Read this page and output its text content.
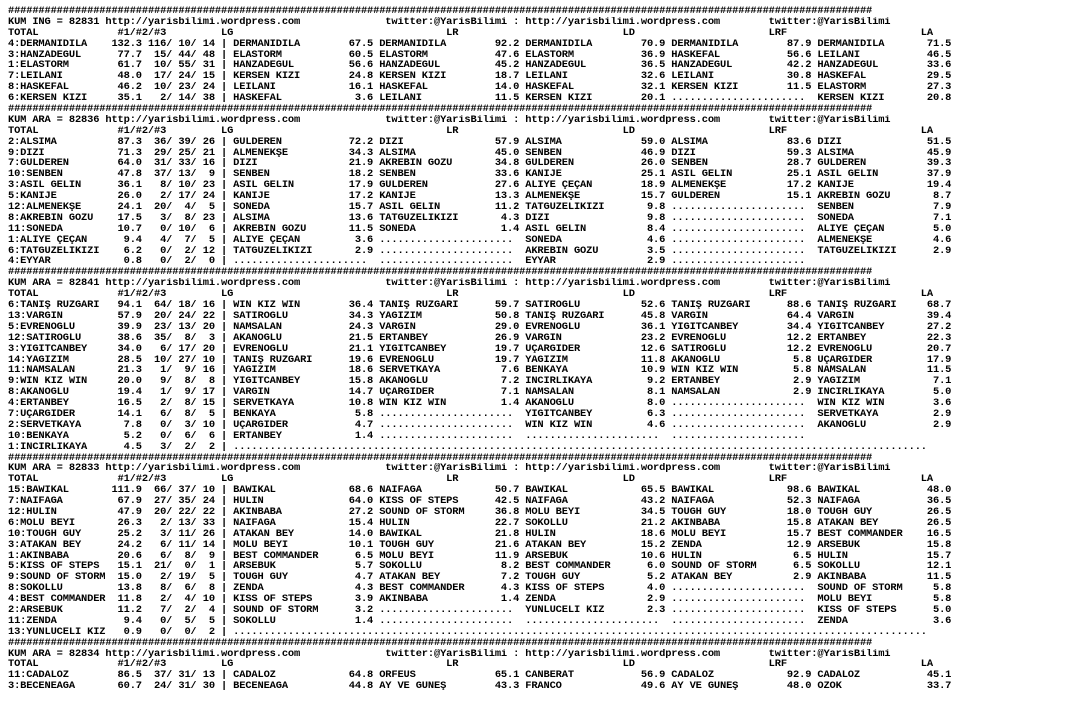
##############################################################################################################################################
KUM ING = 82831 http://yarisbilimi.wordpress.com              twitter:@YarisBilimi : http://yarisbilimi.wordpress.com        twitter:@YarisBilimi
TOTAL             #1/#2/#3         LG                                   LR                           LD                      LRF                      LA
4:DERMANIDILA    132.3 116/ 10/ 14 | DERMANIDILA        67.5 DERMANIDILA        92.2 DERMANIDILA        70.9 DERMANIDILA        87.9 DERMANIDILA       71.5
3:HANZADEGÜL      77.7  15/ 44/ 48 | ELASTORM           60.5 ELASTORM           47.6 ELASTORM           36.9 HASKEFAL           56.6 LEILANI           46.5
1:ELASTORM        61.7  10/ 55/ 31 | HANZADEGÜL         56.6 HANZADEGÜL         45.2 HANZADEGÜL         36.5 HANZADEGÜL         42.2 HANZADEGÜL        33.6
7:LEILANI         48.0  17/ 24/ 15 | KERSEN KIZI        24.8 KERSEN KIZI        18.7 LEILANI            32.6 LEILANI            30.8 HASKEFAL          29.5
8:HASKEFAL        46.2  10/ 23/ 24 | LEILANI            16.1 HASKEFAL           14.0 HASKEFAL           32.1 KERSEN KIZI        11.5 ELASTORM          27.3
6:KERSEN KIZI     35.1   2/ 14/ 38 | HASKEFAL            3.6 LEILANI            11.5 KERSEN KIZI        20.1 ......................  KERSEN KIZI       20.8
##############################################################################################################################################
KUM ARA = 82836 http://yarisbilimi.wordpress.com              twitter:@YarisBilimi : http://yarisbilimi.wordpress.com        twitter:@YarisBilimi
TOTAL             #1/#2/#3         LG                                   LR                           LD                      LRF                      LA
2:ALSİMA          87.3  36/ 39/ 26 | GÜLDEREN           72.2 DİZİ               57.9 ALSİMA             59.0 ALSİMA             83.6 DİZİ              51.5
9:DİZİ            71.3  29/ 25/ 21 | ALMENEKŞE          34.3 ALSİMA             45.0 SENBEN             46.9 DİZİ               59.3 ALSİMA            45.9
7:GÜLDEREN        64.0  31/ 33/ 16 | DİZİ               21.9 AKREBİN GÖZÜ       34.8 GÜLDEREN           26.0 SENBEN             28.7 GÜLDEREN          39.3
10:SENBEN         47.8  37/ 13/  9 | SENBEN             18.2 SENBEN             33.6 KANİJE             25.1 ASIL GELİN         25.1 ASIL GELİN        37.9
3:ASIL GELİN      36.1   8/ 10/ 23 | ASIL GELİN         17.9 GÜLDEREN           27.6 ALİYE ÇEÇAN        18.9 ALMENEKŞE          17.2 KANİJE            19.4
5:KANİJE          26.0   2/ 17/ 24 | KANİJE             17.2 KANİJE             13.3 ALMENEKŞE          15.7 GÜLDEREN           15.1 AKREBİN GÖZÜ       8.7
12:ALMENEKŞE      24.1  20/  4/  5 | SONEDA             15.7 ASIL GELİN         11.2 TATGÜZELİKIZI       9.8 ......................  SENBEN             7.9
8:AKREBİN GÖZÜ    17.5   3/  8/ 23 | ALSİMA             13.6 TATGÜZELİKIZI       4.3 DİZİ                9.8 ......................  SONEDA             7.1
11:SONEDA         10.7   0/ 10/  6 | AKREBİN GÖZÜ       11.5 SONEDA              1.4 ASIL GELİN          8.4 ......................  ALİYE ÇEÇAN        5.0
1:ALİYE ÇEÇAN      9.4   4/  7/  5 | ALİYE ÇEÇAN         3.6 ......................  SONEDA              4.6 ......................  ALMENEKŞE          4.6
6:TATGÜZELİKIZI    6.2   0/  2/ 12 | TATGÜZELİKIZI       2.9 ......................  AKREBİN GÖZÜ        3.5 ......................  TATGÜZELİKIZI      2.9
4:EYYAR            0.8   0/  2/  0 | ......................  ......................  EYYAR               2.9 ......................
##############################################################################################################################################
KUM ARA = 82841 http://yarisbilimi.wordpress.com              twitter:@YarisBilimi : http://yarisbilimi.wordpress.com        twitter:@YarisBilimi
TOTAL             #1/#2/#3         LG                                   LR                           LD                      LRF                      LA
6:TANIŞ RÜZGARI   94.1  64/ 18/ 16 | WIN KIZ WIN        36.4 TANIŞ RÜZGARI      59.7 SATIROĞLU          52.6 TANIŞ RÜZGARI      88.6 TANIŞ RÜZGARI     68.7
13:VARGİN         57.9  20/ 24/ 22 | SATIROĞLU          34.3 YAĞIZIM            50.8 TANIŞ RÜZGARI      45.8 VARGİN             64.4 VARGİN            39.4
5:EVRENOĞLU       39.9  23/ 13/ 20 | NAMSALAN           24.3 VARGİN             29.0 EVRENOĞLU          36.1 YİĞİTCANBEY        34.4 YİĞİTCANBEY       27.2
12:SATIROĞLU      38.6  35/  8/  3 | AKANOĞLU           21.5 ERTANBEY           26.9 VARGIN             23.2 EVRENOĞLU          12.2 ERTANBEY          22.3
3:YİĞİTCANBEY     34.0   6/ 17/ 20 | EVRENOĞLU          21.1 YİĞİTCANBEY        19.7 UÇARGİDER          12.6 SATIROĞLU          12.2 EVRENOĞLU         20.7
14:YAĞIZIM        28.5  10/ 27/ 10 | TANIŞ RÜZGARI      19.6 EVRENOĞLU          19.7 YAĞIZIM            11.8 AKANOĞLU            5.8 UÇARGİDER         17.9
11:NAMSALAN       21.3   1/  9/ 16 | YAĞIZIM            18.6 SERVETKAYA          7.6 BENKAYA            10.9 WIN KIZ WIN         5.8 NAMSALAN          11.5
9:WIN KIZ WIN     20.0   9/  8/  8 | YİĞİTCANBEY        15.8 AKANOĞLU            7.2 İNCİRLİKAYA         9.2 ERTANBEY            2.9 YAĞIZIM            7.1
8:AKANOĞLU        19.4   1/  9/ 17 | VARGIN             14.7 UÇARGİDER           7.1 NAMSALAN            8.1 NAMSALAN            2.9 İNCİRLİKAYA        5.0
4:ERTANBEY        16.5   2/  8/ 15 | SERVETKAYA         10.8 WIN KIZ WIN         1.4 AKANOĞLU            8.0 ......................  WIN KIZ WIN        3.6
7:UÇARGİDER       14.1   6/  8/  5 | BENKAYA             5.8 ......................  YİĞİTCANBEY         6.3 ......................  SERVETKAYA         2.9
2:SERVETKAYA       7.8   0/  3/ 10 | UÇARGİDER           4.7 ......................  WIN KIZ WIN         4.6 ......................  AKANOĞLU           2.9
10:BENKAYA         5.2   0/  6/  6 | ERTANBEY            1.4 ......................  ......................  ......................
1:İNCİRLİKAYA      4.5   3/  2/  2 | ..................................................................................................................
##############################################################################################################################################
KUM ARA = 82833 http://yarisbilimi.wordpress.com              twitter:@YarisBilimi : http://yarisbilimi.wordpress.com        twitter:@YarisBilimi
TOTAL             #1/#2/#3         LG                                   LR                           LD                      LRF                      LA
15:BAWIKAL       111.9  66/ 37/ 10 | BAWIKAL            68.6 NAIFAĞA            50.7 BAWIKAL            65.5 BAWIKAL            98.6 BAWIKAL           48.0
7:NAIFAĞA         67.9  27/ 35/ 24 | HULIN              64.0 KISS OF STEPS      42.5 NAIFAĞA            43.2 NAIFAĞA            52.3 NAIFAĞA           36.5
12:HULIN          47.9  20/ 22/ 22 | AKINBABA           27.2 SOUND OF STORM     36.8 MOLU BEYİ          34.5 TOUGH GUY          18.0 TOUGH GUY         26.5
6:MOLU BEYİ       26.3   2/ 13/ 33 | NAIFAĞA            15.4 HULIN              22.7 SOKOLLU            21.2 AKINBABA           15.8 ATAKAN BEY        26.5
10:TOUGH GUY      25.2   3/ 11/ 26 | ATAKAN BEY         14.0 BAWIKAL            21.8 HULIN              18.6 MOLU BEYİ          15.7 BEST COMMANDER    16.5
3:ATAKAN BEY      24.2   6/ 11/ 14 | MOLU BEYİ          10.1 TOUGH GUY          21.6 ATAKAN BEY         15.2 ZENDA              12.9 ARSEBÜK           15.8
1:AKINBABA        20.6   6/  8/  9 | BEST COMMANDER      6.5 MOLU BEYİ          11.9 ARSEBÜK            10.6 HULIN               6.5 HULIN             15.7
5:KISS OF STEPS   15.1  21/  0/  1 | ARSEBÜK             5.7 SOKOLLU             8.2 BEST COMMANDER      6.0 SOUND OF STORM      6.5 SOKOLLU           12.1
9:SOUND OF STORM  15.0   2/ 19/  5 | TOUGH GUY           4.7 ATAKAN BEY          7.2 TOUGH GUY           5.2 ATAKAN BEY          2.9 AKINBABA          11.5
8:SOKOLLU         13.8   8/  6/  8 | ZENDA               4.3 BEST COMMANDER      4.3 KISS OF STEPS       4.0 ......................  SOUND OF STORM     5.8
4:BEST COMMANDER  11.8   2/  4/ 10 | KISS OF STEPS       3.9 AKINBABA            1.4 ZENDA               2.9 ......................  MOLU BEYİ          5.8
2:ARSEBÜK         11.2   7/  2/  4 | SOUND OF STORM      3.2 ......................  YÜNLÜCELİ KIZ       2.3 ......................  KISS OF STEPS      5.0
11:ZENDA           9.4   0/  5/  5 | SOKOLLU             1.4 ......................  ......................  ......................  ZENDA              3.6
13:YÜNLÜCELİ KIZ   0.9   0/  0/  2 | ..................................................................................................................
##############################################################################################################################################
KUM ARA = 82834 http://yarisbilimi.wordpress.com              twitter:@YarisBilimi : http://yarisbilimi.wordpress.com        twitter:@YarisBilimi
TOTAL             #1/#2/#3         LG                                   LR                           LD                      LRF                      LA
11:CADALOZ        86.5  37/ 31/ 13 | CADALOZ            64.8 ORFEUS             65.1 CANBERAT           56.9 CADALOZ            92.9 CADALOZ           45.1
3:BECENEAĞA       60.7  24/ 31/ 30 | BECENEAĞA          44.8 AY VE GÜNEŞ        43.3 FRANCO             49.6 AY VE GÜNEŞ        48.0 ÖZOK              33.7
